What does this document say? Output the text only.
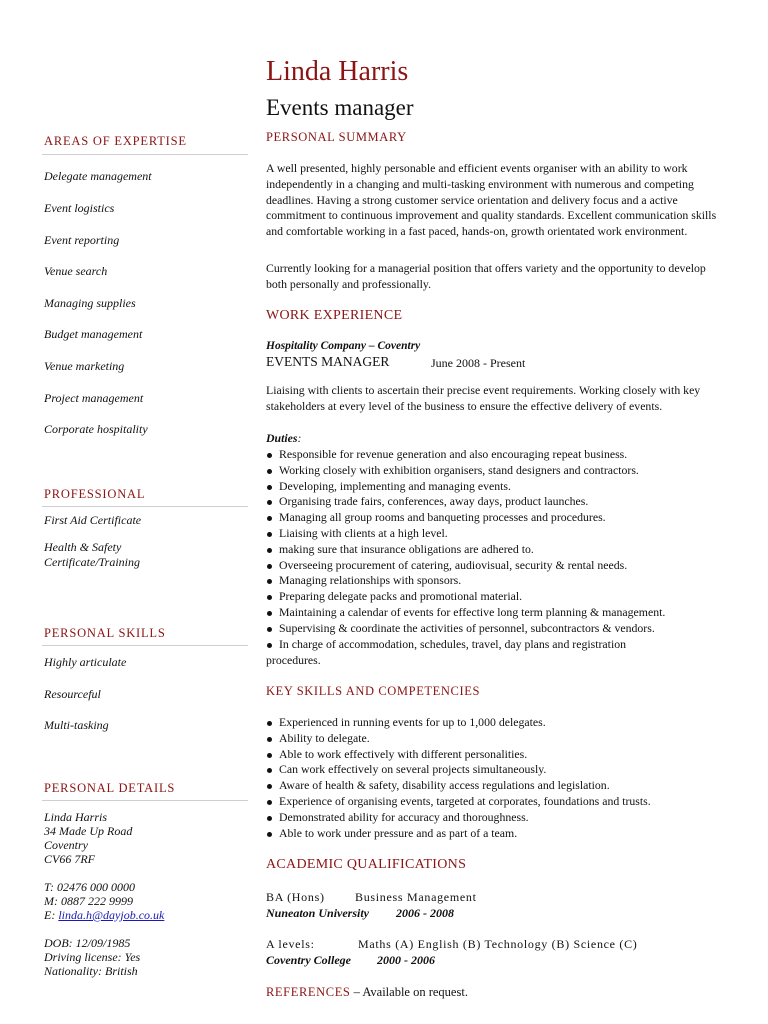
Linda Harris
Events manager
AREAS OF EXPERTISE
Delegate management
Event logistics
Event reporting
Venue search
Managing supplies
Budget management
Venue marketing
Project management
Corporate hospitality
PROFESSIONAL
First Aid Certificate
Health & Safety
Certificate/Training
PERSONAL SKILLS
Highly articulate
Resourceful
Multi-tasking
PERSONAL DETAILS
Linda Harris
34 Made Up Road
Coventry
CV66 7RF
T: 02476 000 0000
M: 0887 222 9999
E: linda.h@dayjob.co.uk
DOB: 12/09/1985
Driving license: Yes
Nationality: British
PERSONAL SUMMARY
A well presented, highly personable and efficient events organiser with an ability to work independently in a changing and multi-tasking environment with numerous and competing deadlines. Having a strong customer service orientation and delivery focus and a active commitment to continuous improvement and quality standards. Excellent communication skills and comfortable working in a fast paced, hands-on, growth orientated work environment.
Currently looking for a managerial position that offers variety and the opportunity to develop both personally and professionally.
WORK EXPERIENCE
Hospitality Company – Coventry
EVENTS MANAGER	June 2008 - Present
Liaising with clients to ascertain their precise event requirements. Working closely with key stakeholders at every level of the business to ensure the effective delivery of events.
Duties:
Responsible for revenue generation and also encouraging repeat business.
Working closely with exhibition organisers, stand designers and contractors.
Developing, implementing and managing events.
Organising trade fairs, conferences, away days, product launches.
Managing all group rooms and banqueting processes and procedures.
Liaising with clients at a high level.
making sure that insurance obligations are adhered to.
Overseeing procurement of catering, audiovisual, security & rental needs.
Managing relationships with sponsors.
Preparing delegate packs and promotional material.
Maintaining a calendar of events for effective long term planning & management.
Supervising & coordinate the activities of personnel, subcontractors & vendors.
In charge of accommodation, schedules, travel, day plans and registration
procedures.
KEY SKILLS AND COMPETENCIES
Experienced in running events for up to 1,000 delegates.
Ability to delegate.
Able to work effectively with different personalities.
Can work effectively on several projects simultaneously.
Aware of health & safety, disability access regulations and legislation.
Experience of organising events, targeted at corporates, foundations and trusts.
Demonstrated ability for accuracy and thoroughness.
Able to work under pressure and as part of a team.
ACADEMIC QUALIFICATIONS
BA (Hons)	Business Management
Nuneaton University 2006 - 2008
A levels:	Maths (A) English (B) Technology (B) Science (C)
Coventry College 2000 - 2006
REFERENCES – Available on request.
